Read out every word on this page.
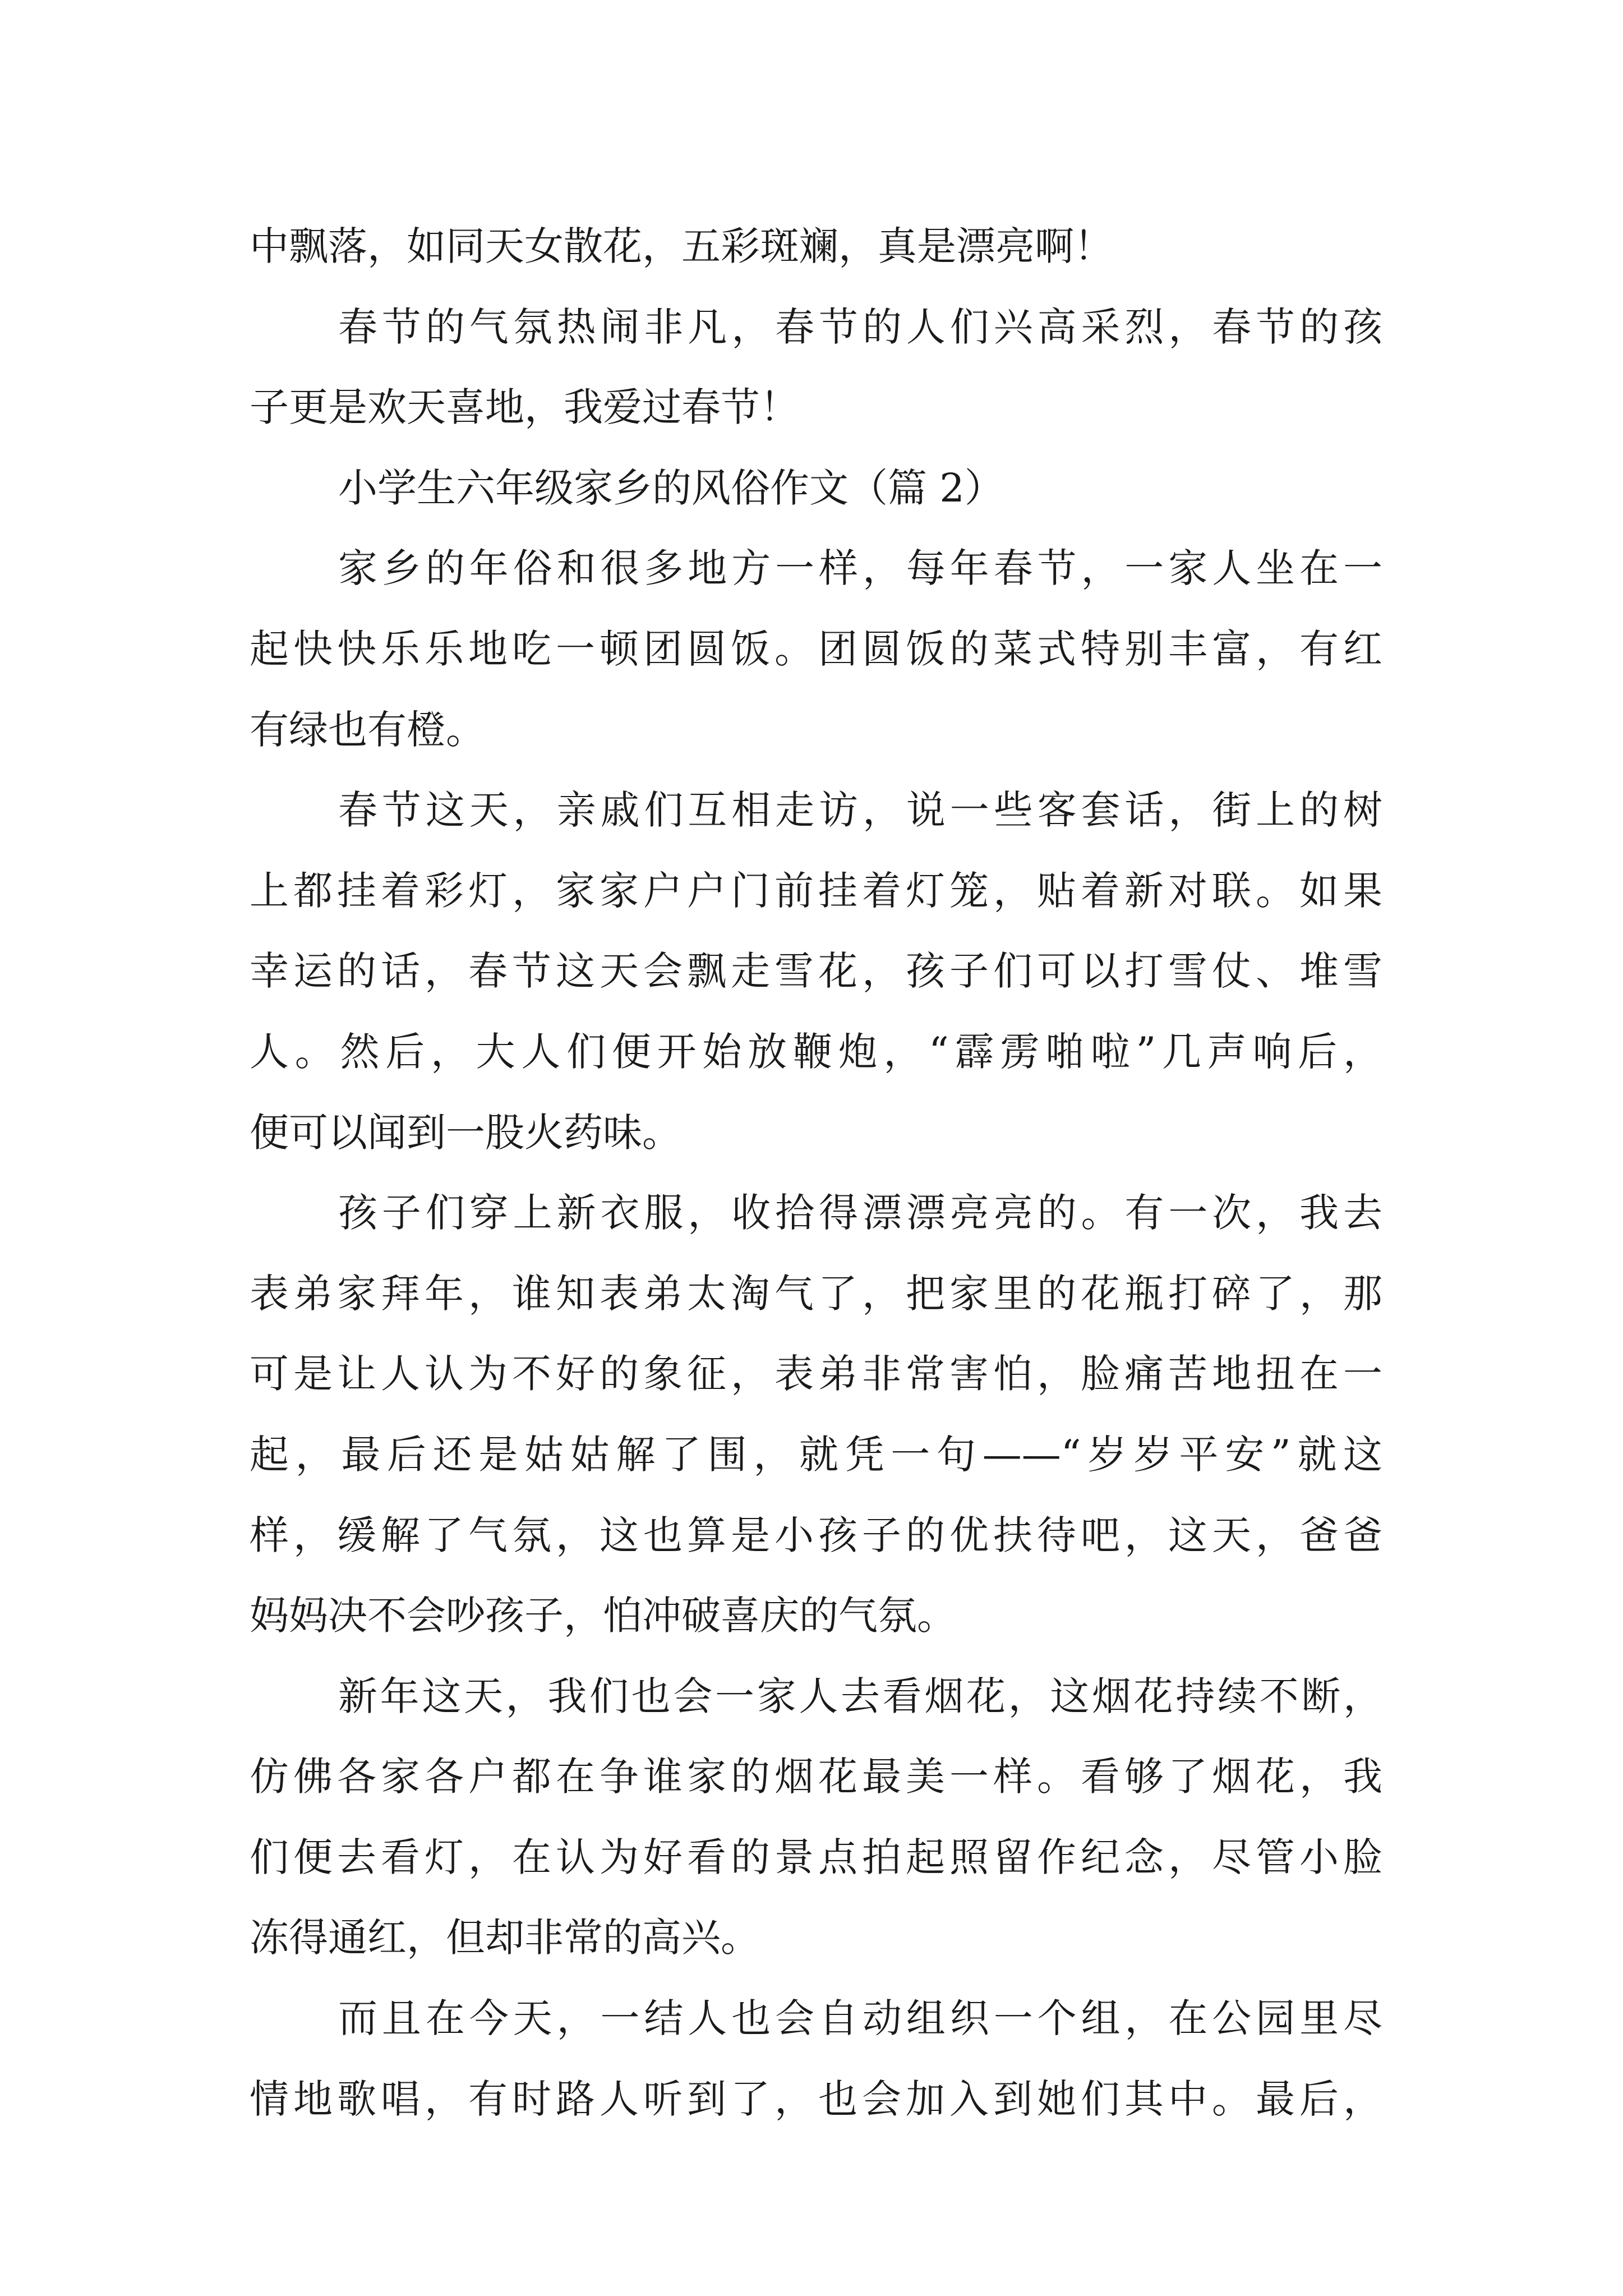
中飘落，如同天女散花，五彩斑斓，真是漂亮啊！
春节的气氛热闹非凡，春节的人们兴高采烈，春节的孩
子更是欢天喜地，我爱过春节！
小学生六年级家乡的风俗作文（篇 2）
家乡的年俗和很多地方一样，每年春节，一家人坐在一
起快快乐乐地吃一顿团圆饭。团圆饭的菜式特别丰富，有红
有绿也有橙。
春节这天，亲戚们互相走访，说一些客套话，街上的树
上都挂着彩灯，家家户户门前挂着灯笼，贴着新对联。如果
幸运的话，春节这天会飘走雪花，孩子们可以打雪仗、堆雪
人。然后，大人们便开始放鞭炮，“霹雳啪啦”几声响后，
便可以闻到一股火药味。
孩子们穿上新衣服，收拾得漂漂亮亮的。有一次，我去
表弟家拜年，谁知表弟太淘气了，把家里的花瓶打碎了，那
可是让人认为不好的象征，表弟非常害怕，脸痛苦地扭在一
起，最后还是姑姑解了围，就凭一句——“岁岁平安”就这
样，缓解了气氛，这也算是小孩子的优扶待吧，这天，爸爸
妈妈决不会吵孩子，怕冲破喜庆的气氛。
新年这天，我们也会一家人去看烟花，这烟花持续不断，
仿佛各家各户都在争谁家的烟花最美一样。看够了烟花，我
们便去看灯，在认为好看的景点拍起照留作纪念，尽管小脸
冻得通红，但却非常的高兴。
而且在今天，一结人也会自动组织一个组，在公园里尽
情地歌唱，有时路人听到了，也会加入到她们其中。最后，
